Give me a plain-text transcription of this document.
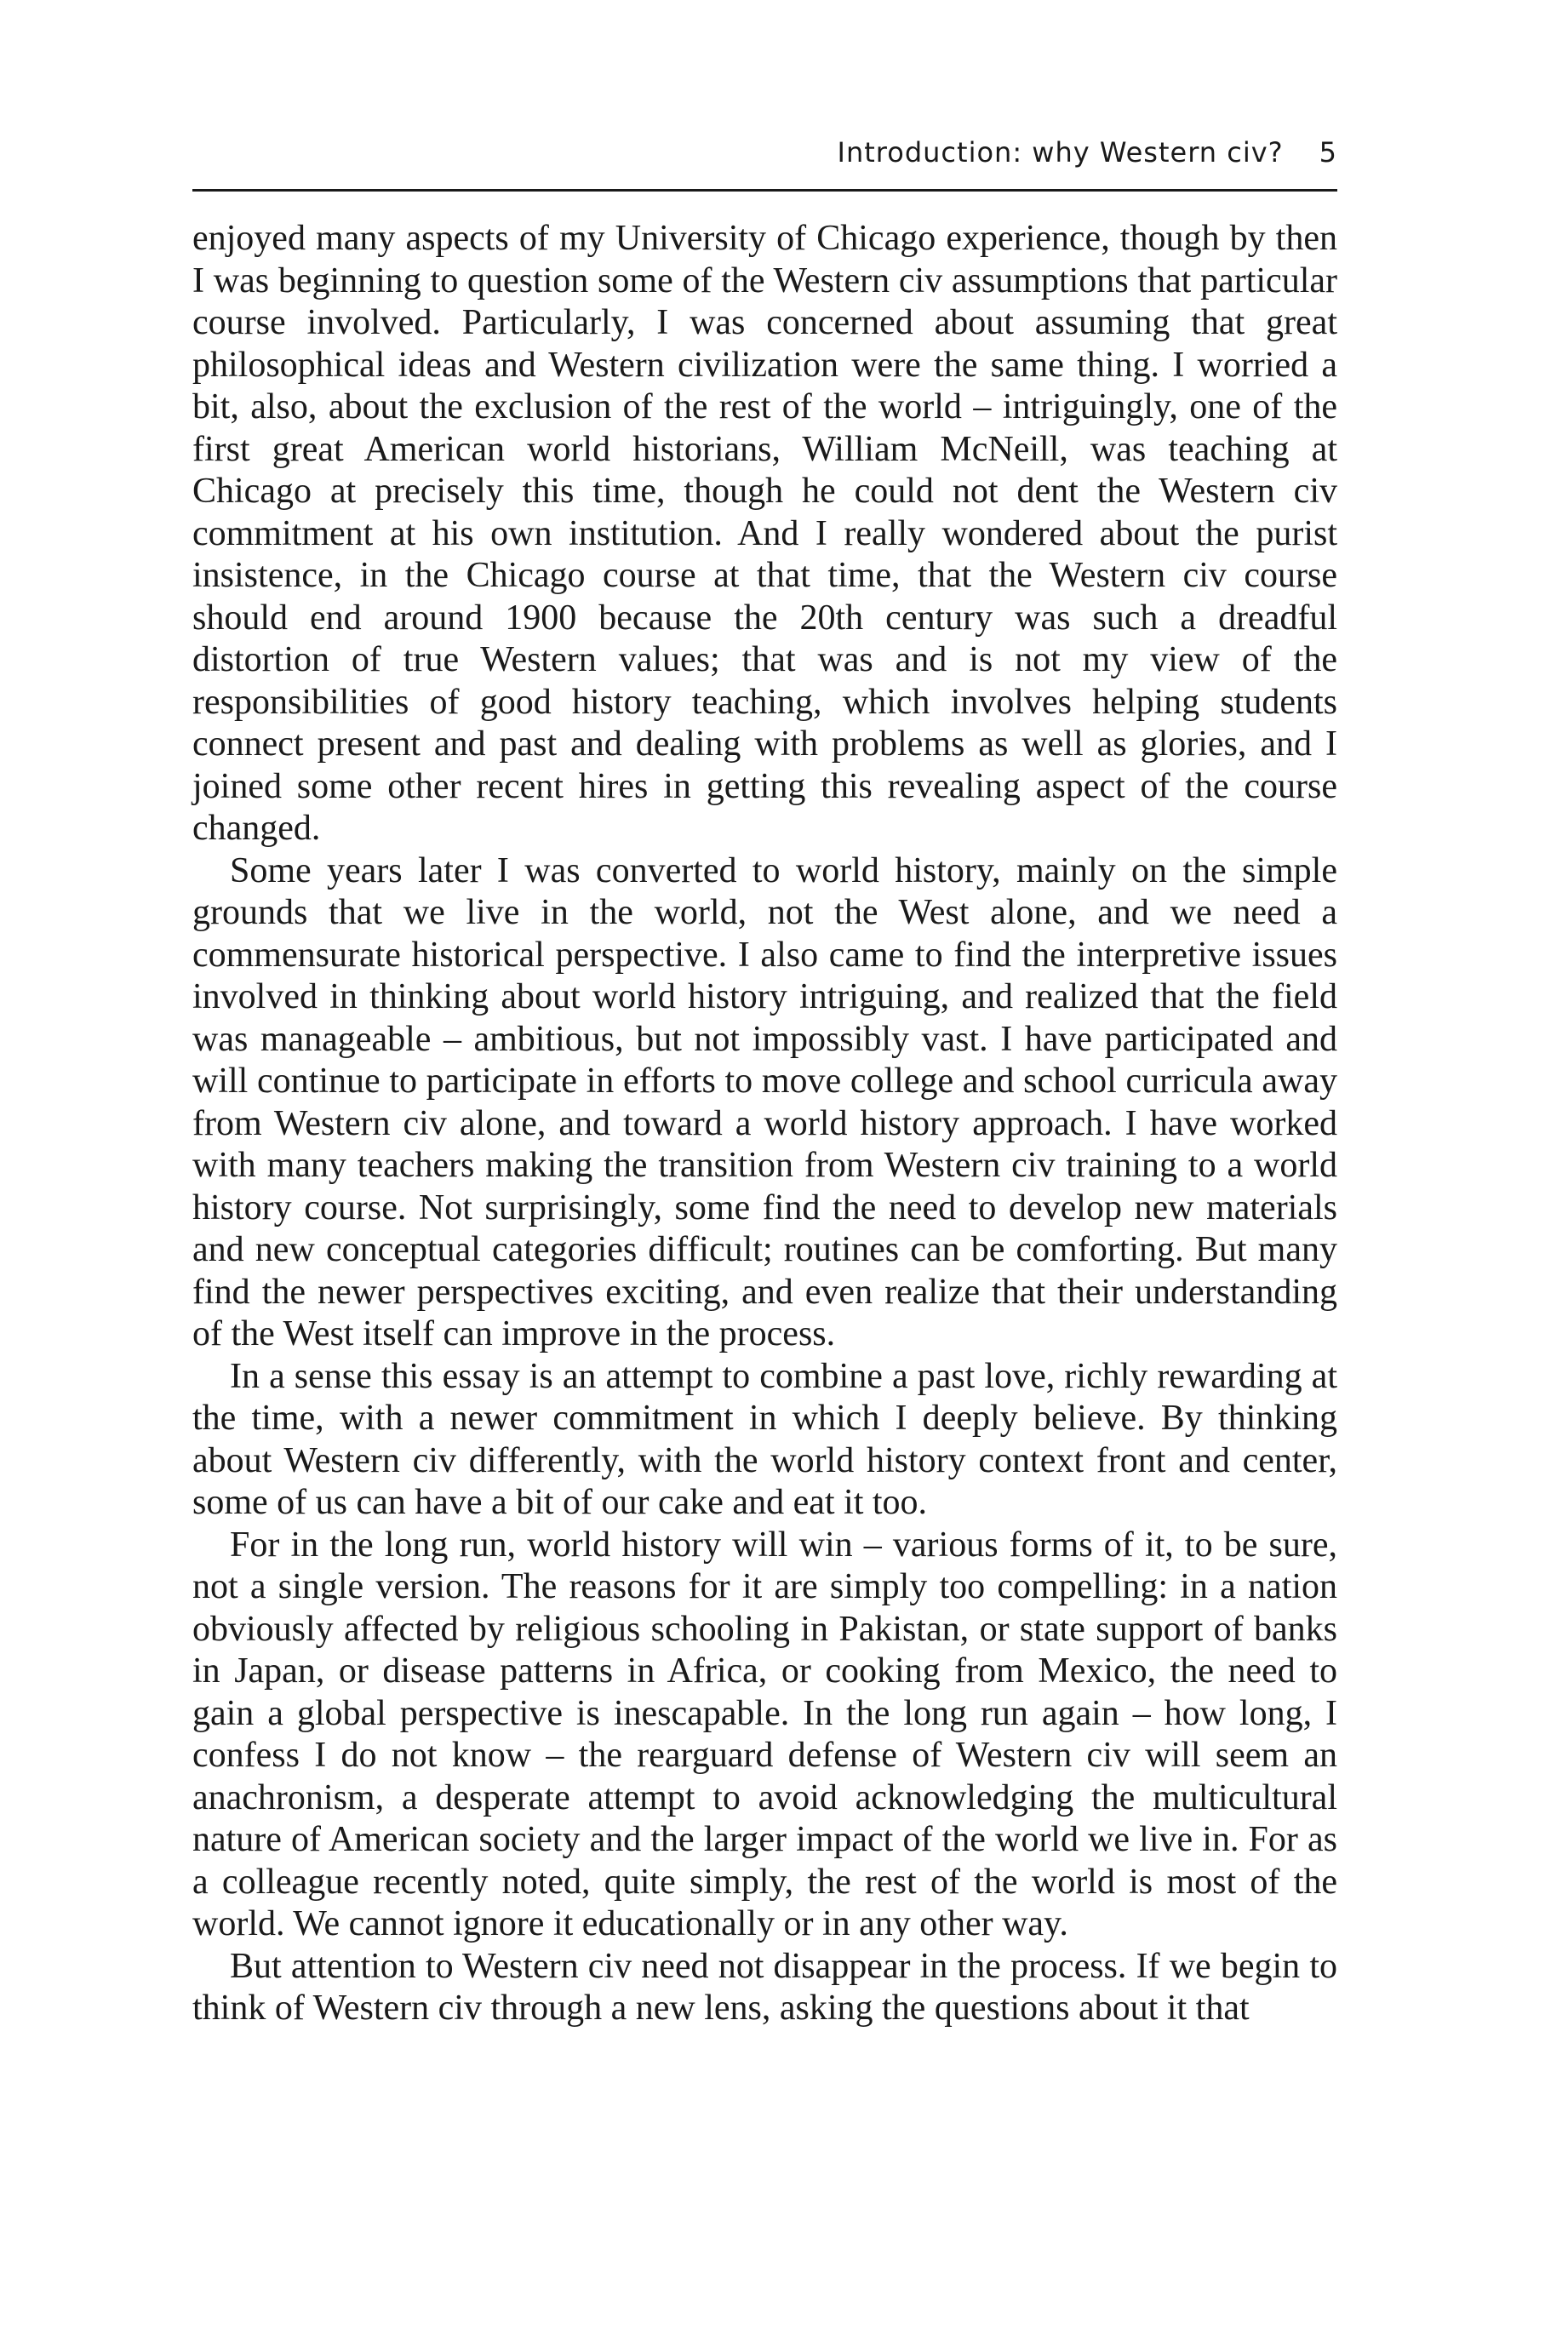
Introduction: why Western civ? 5

enjoyed many aspects of my University of Chicago experience, though by then I was beginning to question some of the Western civ assumptions that particular course involved. Particularly, I was concerned about assuming that great philosophical ideas and Western civilization were the same thing. I worried a bit, also, about the exclusion of the rest of the world – intriguingly, one of the first great American world historians, William McNeill, was teaching at Chicago at precisely this time, though he could not dent the Western civ commitment at his own institution. And I really wondered about the purist insistence, in the Chicago course at that time, that the Western civ course should end around 1900 because the 20th century was such a dreadful distortion of true Western values; that was and is not my view of the responsibilities of good history teaching, which involves helping students connect present and past and dealing with problems as well as glories, and I joined some other recent hires in getting this revealing aspect of the course changed.

Some years later I was converted to world history, mainly on the simple grounds that we live in the world, not the West alone, and we need a commensurate historical perspective. I also came to find the interpretive issues involved in thinking about world history intriguing, and realized that the field was manageable – ambitious, but not impossibly vast. I have participated and will continue to participate in efforts to move college and school curricula away from Western civ alone, and toward a world history approach. I have worked with many teachers making the transition from Western civ training to a world history course. Not surprisingly, some find the need to develop new materials and new conceptual categories difficult; routines can be comforting. But many find the newer perspectives exciting, and even realize that their understanding of the West itself can improve in the process.

In a sense this essay is an attempt to combine a past love, richly rewarding at the time, with a newer commitment in which I deeply believe. By thinking about Western civ differently, with the world history context front and center, some of us can have a bit of our cake and eat it too.

For in the long run, world history will win – various forms of it, to be sure, not a single version. The reasons for it are simply too compelling: in a nation obviously affected by religious schooling in Pakistan, or state support of banks in Japan, or disease patterns in Africa, or cooking from Mexico, the need to gain a global perspective is inescapable. In the long run again – how long, I confess I do not know – the rearguard defense of Western civ will seem an anachronism, a desperate attempt to avoid acknowledging the multicultural nature of American society and the larger impact of the world we live in. For as a colleague recently noted, quite simply, the rest of the world is most of the world. We cannot ignore it educationally or in any other way.

But attention to Western civ need not disappear in the process. If we begin to think of Western civ through a new lens, asking the questions about it that
